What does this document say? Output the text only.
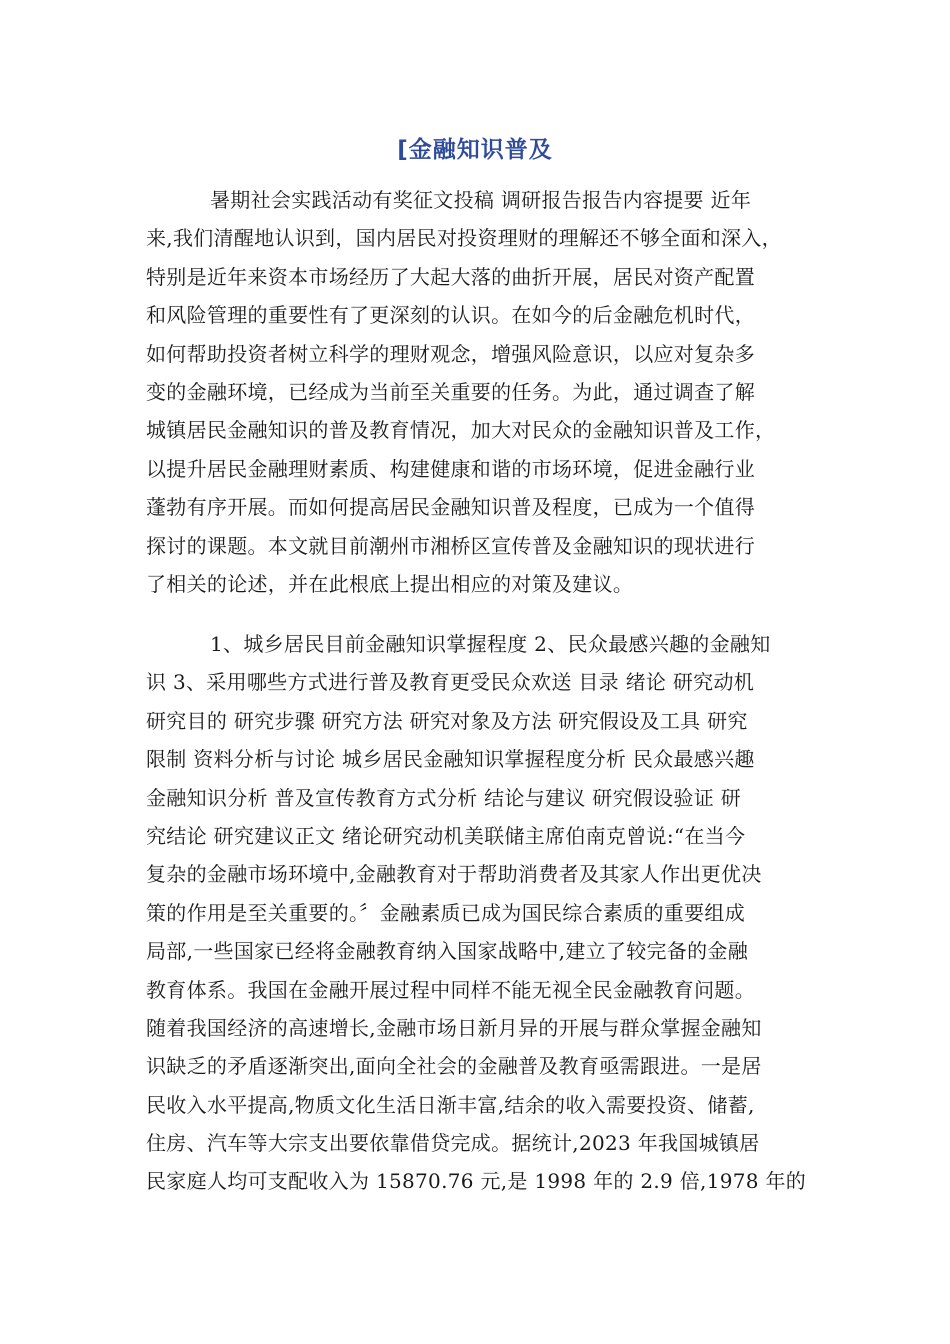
[金融知识普及
暑期社会实践活动有奖征文投稿 调研报告报告内容提要 近年
来,我们清醒地认识到，国内居民对投资理财的理解还不够全面和深入，
特别是近年来资本市场经历了大起大落的曲折开展，居民对资产配置
和风险管理的重要性有了更深刻的认识。在如今的后金融危机时代，
如何帮助投资者树立科学的理财观念，增强风险意识，以应对复杂多
变的金融环境，已经成为当前至关重要的任务。为此，通过调查了解
城镇居民金融知识的普及教育情况，加大对民众的金融知识普及工作，
以提升居民金融理财素质、构建健康和谐的市场环境，促进金融行业
蓬勃有序开展。而如何提高居民金融知识普及程度，已成为一个值得
探讨的课题。本文就目前潮州市湘桥区宣传普及金融知识的现状进行
了相关的论述，并在此根底上提出相应的对策及建议。
1、城乡居民目前金融知识掌握程度 2、民众最感兴趣的金融知
识 3、采用哪些方式进行普及教育更受民众欢送 目录 绪论 研究动机
研究目的 研究步骤 研究方法 研究对象及方法 研究假设及工具 研究
限制 资料分析与讨论 城乡居民金融知识掌握程度分析 民众最感兴趣
金融知识分析 普及宣传教育方式分析 结论与建议 研究假设验证 研
究结论 研究建议正文 绪论研究动机美联储主席伯南克曾说:“在当今
复杂的金融市场环境中,金融教育对于帮助消费者及其家人作出更优决
策的作用是至关重要的。〞金融素质已成为国民综合素质的重要组成
局部,一些国家已经将金融教育纳入国家战略中,建立了较完备的金融
教育体系。我国在金融开展过程中同样不能无视全民金融教育问题。
随着我国经济的高速增长,金融市场日新月异的开展与群众掌握金融知
识缺乏的矛盾逐渐突出,面向全社会的金融普及教育亟需跟进。一是居
民收入水平提高,物质文化生活日渐丰富,结余的收入需要投资、储蓄,
住房、汽车等大宗支出要依靠借贷完成。据统计,2023 年我国城镇居
民家庭人均可支配收入为 15870.76 元,是 1998 年的 2.9 倍,1978 年的
